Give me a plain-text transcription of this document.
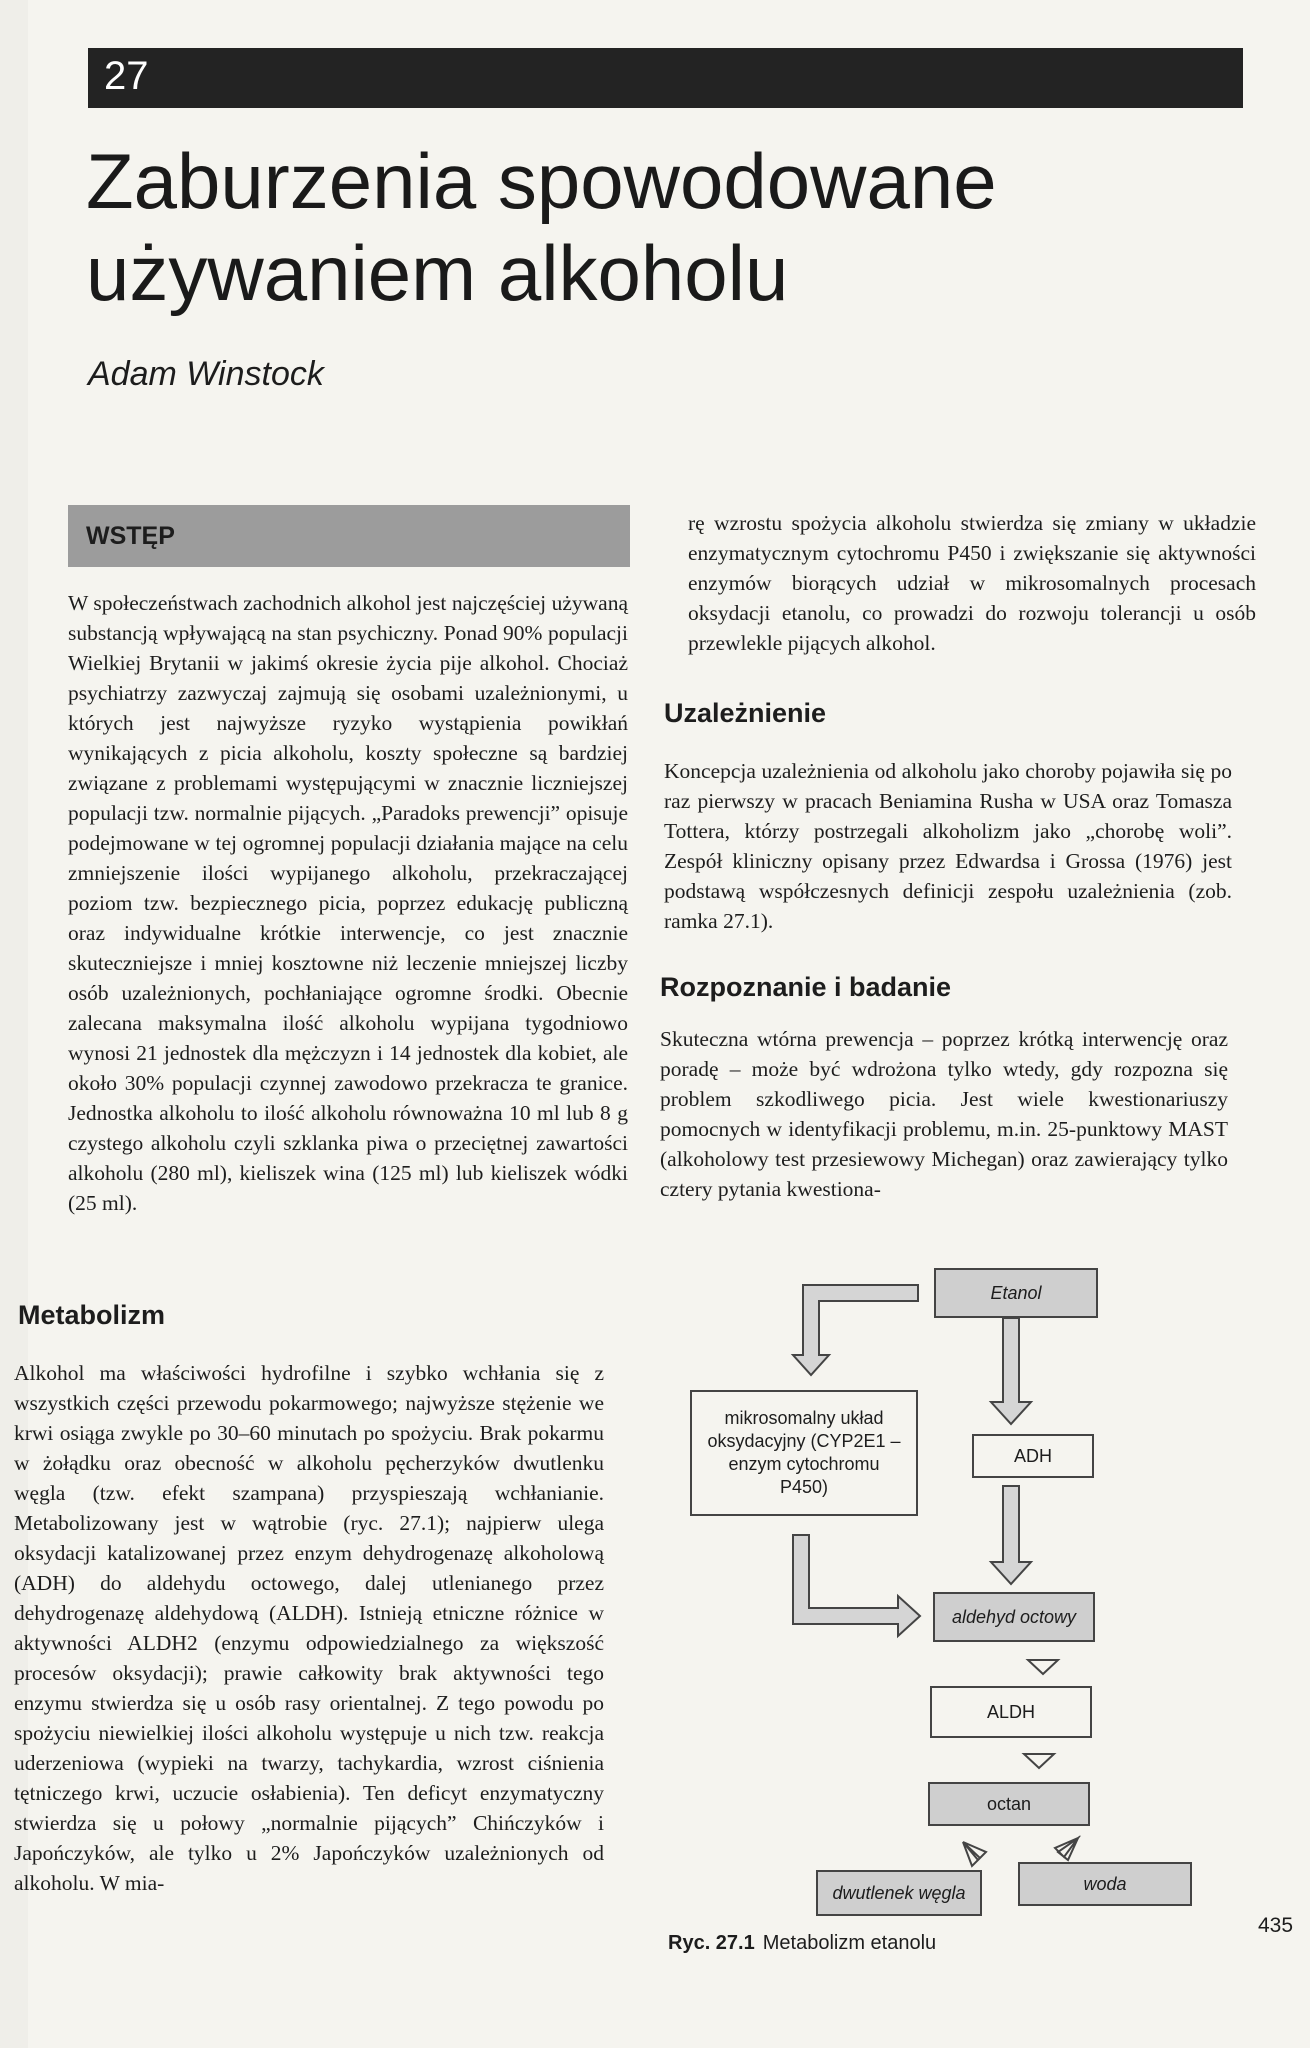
27
Zaburzenia spowodowane
używaniem alkoholu
Adam Winstock
WSTĘP

W społeczeństwach zachodnich alkohol jest najczęściej używaną substancją wpływającą na stan psychiczny. Ponad 90% populacji Wielkiej Brytanii w jakimś okresie życia pije alkohol. Chociaż psychiatrzy zazwyczaj zajmują się osobami uzależnionymi, u których jest najwyższe ryzyko wystąpienia powikłań wynikających z picia alkoholu, koszty społeczne są bardziej związane z problemami występującymi w znacznie liczniejszej populacji tzw. normalnie pijących. „Paradoks prewencji” opisuje podejmowane w tej ogromnej populacji działania mające na celu zmniejszenie ilości wypijanego alkoholu, przekraczającej poziom tzw. bezpiecznego picia, poprzez edukację publiczną oraz indywidualne krótkie interwencje, co jest znacznie skuteczniejsze i mniej kosztowne niż leczenie mniejszej liczby osób uzależnionych, pochłaniające ogromne środki. Obecnie zalecana maksymalna ilość alkoholu wypijana tygodniowo wynosi 21 jednostek dla mężczyzn i 14 jednostek dla kobiet, ale około 30% populacji czynnej zawodowo przekracza te granice. Jednostka alkoholu to ilość alkoholu równoważna 10 ml lub 8 g czystego alkoholu czyli szklanka piwa o przeciętnej zawartości alkoholu (280 ml), kieliszek wina (125 ml) lub kieliszek wódki (25 ml).

Metabolizm

Alkohol ma właściwości hydrofilne i szybko wchłania się z wszystkich części przewodu pokarmowego; najwyższe stężenie we krwi osiąga zwykle po 30–60 minutach po spożyciu. Brak pokarmu w żołądku oraz obecność w alkoholu pęcherzyków dwutlenku węgla (tzw. efekt szampana) przyspieszają wchłanianie. Metabolizowany jest w wątrobie (ryc. 27.1); najpierw ulega oksydacji katalizowanej przez enzym dehydrogenazę alkoholową (ADH) do aldehydu octowego, dalej utlenianego przez dehydrogenazę aldehydową (ALDH). Istnieją etniczne różnice w aktywności ALDH2 (enzymu odpowiedzialnego za większość procesów oksydacji); prawie całkowity brak aktywności tego enzymu stwierdza się u osób rasy orientalnej. Z tego powodu po spożyciu niewielkiej ilości alkoholu występuje u nich tzw. reakcja uderzeniowa (wypieki na twarzy, tachykardia, wzrost ciśnienia tętniczego krwi, uczucie osłabienia). Ten deficyt enzymatyczny stwierdza się u połowy „normalnie pijących” Chińczyków i Japończyków, ale tylko u 2% Japończyków uzależnionych od alkoholu. W mia-

rę wzrostu spożycia alkoholu stwierdza się zmiany w układzie enzymatycznym cytochromu P450 i zwiększanie się aktywności enzymów biorących udział w mikrosomalnych procesach oksydacji etanolu, co prowadzi do rozwoju tolerancji u osób przewlekle pijących alkohol.

Uzależnienie

Koncepcja uzależnienia od alkoholu jako choroby pojawiła się po raz pierwszy w pracach Beniamina Rusha w USA oraz Tomasza Tottera, którzy postrzegali alkoholizm jako „chorobę woli”. Zespół kliniczny opisany przez Edwardsa i Grossa (1976) jest podstawą współczesnych definicji zespołu uzależnienia (zob. ramka 27.1).

Rozpoznanie i badanie

Skuteczna wtórna prewencja – poprzez krótką interwencję oraz poradę – może być wdrożona tylko wtedy, gdy rozpozna się problem szkodliwego picia. Jest wiele kwestionariuszy pomocnych w identyfikacji problemu, m.in. 25-punktowy MAST (alkoholowy test przesiewowy Michegan) oraz zawierający tylko cztery pytania kwestiona-

Etanol
mikrosomalny układ oksydacyjny (CYP2E1 – enzym cytochromu P450)
ADH
aldehyd octowy
ALDH
octan
dwutlenek węgla	woda
Ryc. 27.1 Metabolizm etanolu
435
